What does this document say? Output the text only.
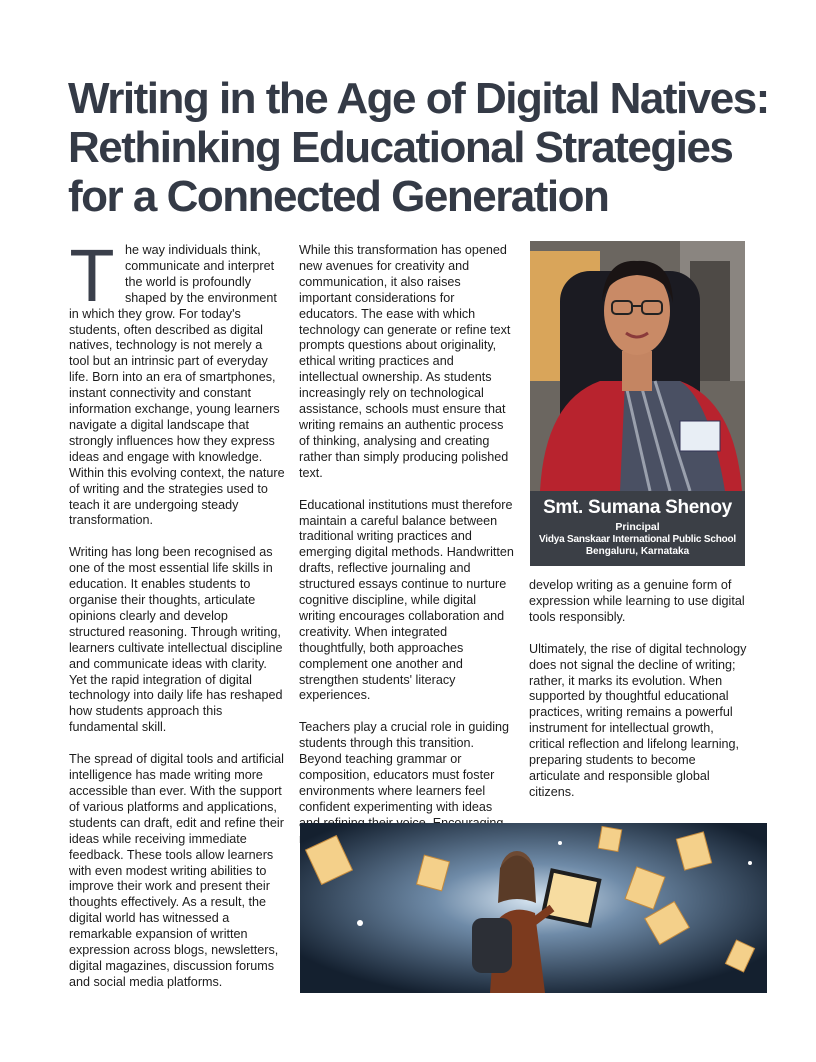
Writing in the Age of Digital Natives:
Rethinking Educational Strategies
for a Connected Generation

The way individuals think, communicate and interpret the world is profoundly shaped by the environment in which they grow. For today's students, often described as digital natives, technology is not merely a tool but an intrinsic part of everyday life. Born into an era of smartphones, instant connectivity and constant information exchange, young learners navigate a digital landscape that strongly influences how they express ideas and engage with knowledge. Within this evolving context, the nature of writing and the strategies used to teach it are undergoing steady transformation.

Writing has long been recognised as one of the most essential life skills in education. It enables students to organise their thoughts, articulate opinions clearly and develop structured reasoning. Through writing, learners cultivate intellectual discipline and communicate ideas with clarity. Yet the rapid integration of digital technology into daily life has reshaped how students approach this fundamental skill.

The spread of digital tools and artificial intelligence has made writing more accessible than ever. With the support of various platforms and applications, students can draft, edit and refine their ideas while receiving immediate feedback. These tools allow learners with even modest writing abilities to improve their work and present their thoughts effectively. As a result, the digital world has witnessed a remarkable expansion of written expression across blogs, newsletters, digital magazines, discussion forums and social media platforms.

While this transformation has opened new avenues for creativity and communication, it also raises important considerations for educators. The ease with which technology can generate or refine text prompts questions about originality, ethical writing practices and intellectual ownership. As students increasingly rely on technological assistance, schools must ensure that writing remains an authentic process of thinking, analysing and creating rather than simply producing polished text.

Educational institutions must therefore maintain a careful balance between traditional writing practices and emerging digital methods. Handwritten drafts, reflective journaling and structured essays continue to nurture cognitive discipline, while digital writing encourages collaboration and creativity. When integrated thoughtfully, both approaches complement one another and strengthen students' literacy experiences.

Teachers play a crucial role in guiding students through this transition. Beyond teaching grammar or composition, educators must foster environments where learners feel confident experimenting with ideas

Smt. Sumana Shenoy
Principal
Vidya Sanskaar International Public School
Bengaluru, Karnataka

develop writing as a genuine form of expression while learning to use digital tools responsibly.

Ultimately, the rise of digital technology does not signal the decline of writing; rather, it marks its evolution. When supported by thoughtful educational practices, writing remains a powerful instrument for intellectual growth, critical reflection and lifelong learning, preparing students to become articulate and responsible global citizens.
